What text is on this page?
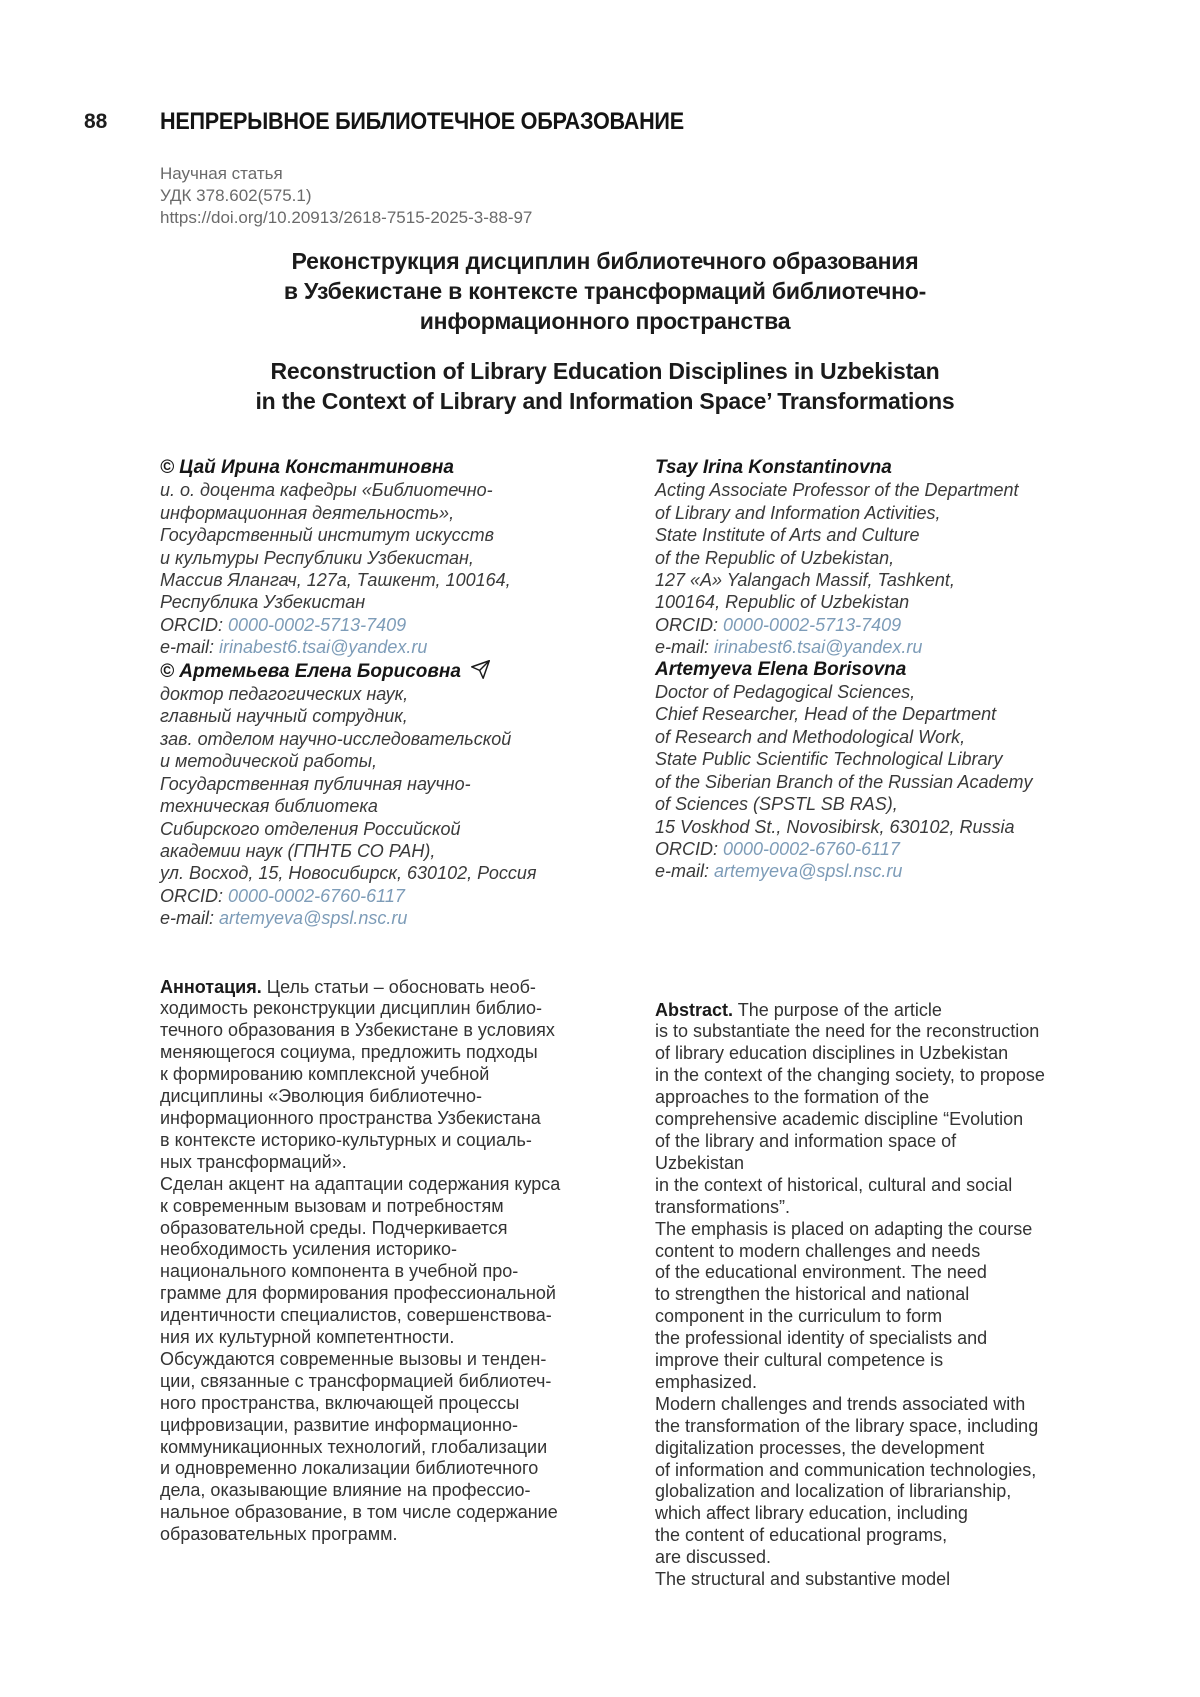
88 НЕПРЕРЫВНОЕ БИБЛИОТЕЧНОЕ ОБРАЗОВАНИЕ
Научная статья
УДК 378.602(575.1)
https://doi.org/10.20913/2618-7515-2025-3-88-97
Реконструкция дисциплин библиотечного образования
в Узбекистане в контексте трансформаций библиотечно-
информационного пространства
Reconstruction of Library Education Disciplines in Uzbekistan
in the Context of Library and Information Space’ Transformations
© Цай Ирина Константиновна
и. о. доцента кафедры «Библиотечно-
информационная деятельность»,
Государственный институт искусств
и культуры Республики Узбекистан,
Массив Ялангач, 127а, Ташкент, 100164,
Республика Узбекистан
ORCID: 0000-0002-5713-7409
e-mail: irinabest6.tsai@yandex.ru
© Артемьева Елена Борисовна
доктор педагогических наук,
главный научный сотрудник,
зав. отделом научно-исследовательской
и методической работы,
Государственная публичная научно-
техническая библиотека
Сибирского отделения Российской
академии наук (ГПНТБ СО РАН),
ул. Восход, 15, Новосибирск, 630102, Россия
ORCID: 0000-0002-6760-6117
e-mail: artemyeva@spsl.nsc.ru
Tsay Irina Konstantinovna
Acting Associate Professor of the Department
of Library and Information Activities,
State Institute of Arts and Culture
of the Republic of Uzbekistan,
127 «A» Yalangach Massif, Tashkent,
100164, Republic of Uzbekistan
ORCID: 0000-0002-5713-7409
e-mail: irinabest6.tsai@yandex.ru
Artemyeva Elena Borisovna
Doctor of Pedagogical Sciences,
Chief Researcher, Head of the Department
of Research and Methodological Work,
State Public Scientific Technological Library
of the Siberian Branch of the Russian Academy
of Sciences (SPSTL SB RAS),
15 Voskhod St., Novosibirsk, 630102, Russia
ORCID: 0000-0002-6760-6117
e-mail: artemyeva@spsl.nsc.ru

Аннотация. Цель статьи – обосновать необ-
ходимость реконструкции дисциплин библио-
течного образования в Узбекистане в условиях
меняющегося социума, предложить подходы
к формированию комплексной учебной
дисциплины «Эволюция библиотечно-
информационного пространства Узбекистана
в контексте историко-культурных и социаль-
ных трансформаций».
Сделан акцент на адаптации содержания курса
к современным вызовам и потребностям
образовательной среды. Подчеркивается
необходимость усиления историко-
национального компонента в учебной про-
грамме для формирования профессиональной
идентичности специалистов, совершенствова-
ния их культурной компетентности.
Обсуждаются современные вызовы и тенден-
ции, связанные с трансформацией библиотеч-
ного пространства, включающей процессы
цифровизации, развитие информационно-
коммуникационных технологий, глобализации
и одновременно локализации библиотечного
дела, оказывающие влияние на профессио-
нальное образование, в том числе содержание
образовательных программ.

Abstract. The purpose of the article
is to substantiate the need for the reconstruction
of library education disciplines in Uzbekistan
in the context of the changing society, to propose
approaches to the formation of the
comprehensive academic discipline “Evolution
of the library and information space of Uzbekistan
in the context of historical, cultural and social
transformations”.
The emphasis is placed on adapting the course
content to modern challenges and needs
of the educational environment. The need
to strengthen the historical and national
component in the curriculum to form
the professional identity of specialists and
improve their cultural competence is emphasized.
Modern challenges and trends associated with
the transformation of the library space, including
digitalization processes, the development
of information and communication technologies,
globalization and localization of librarianship,
which affect library education, including
the content of educational programs,
are discussed.
The structural and substantive model
